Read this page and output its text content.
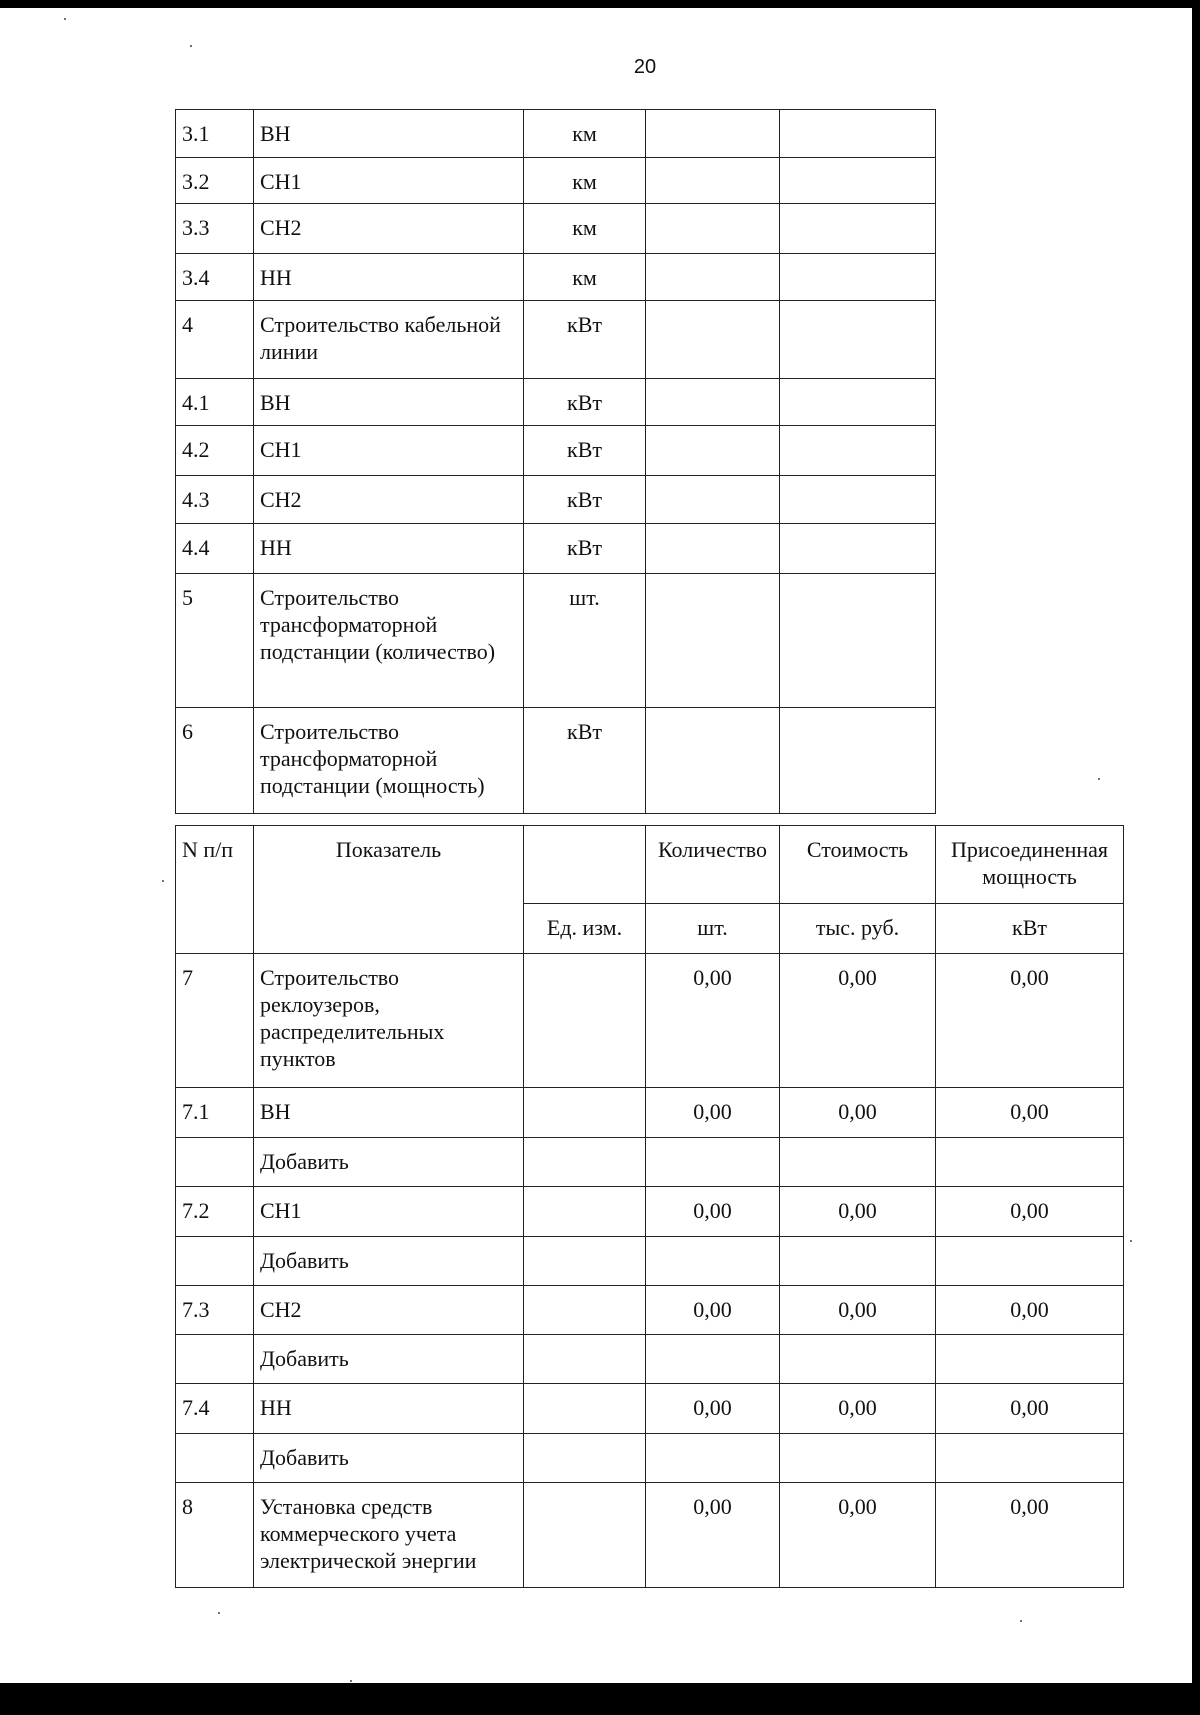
20
3.1	ВН	км		
3.2	СН1	км		
3.3	СН2	км		
3.4	НН	км		
4	Строительство кабельной линии	кВт		
4.1	ВН	кВт		
4.2	СН1	кВт		
4.3	СН2	кВт		
4.4	НН	кВт		
5	Строительство трансформаторной подстанции (количество)	шт.		
6	Строительство трансформаторной подстанции (мощность)	кВт		
N п/п	Показатель		Количество	Стоимость	Присоединенная мощность
		Ед. изм.	шт.	тыс. руб.	кВт
7	Строительство реклоузеров, распределительных пунктов		0,00	0,00	0,00
7.1	ВН		0,00	0,00	0,00
	Добавить				
7.2	СН1		0,00	0,00	0,00
	Добавить				
7.3	СН2		0,00	0,00	0,00
	Добавить				
7.4	НН		0,00	0,00	0,00
	Добавить				
8	Установка средств коммерческого учета электрической энергии		0,00	0,00	0,00
